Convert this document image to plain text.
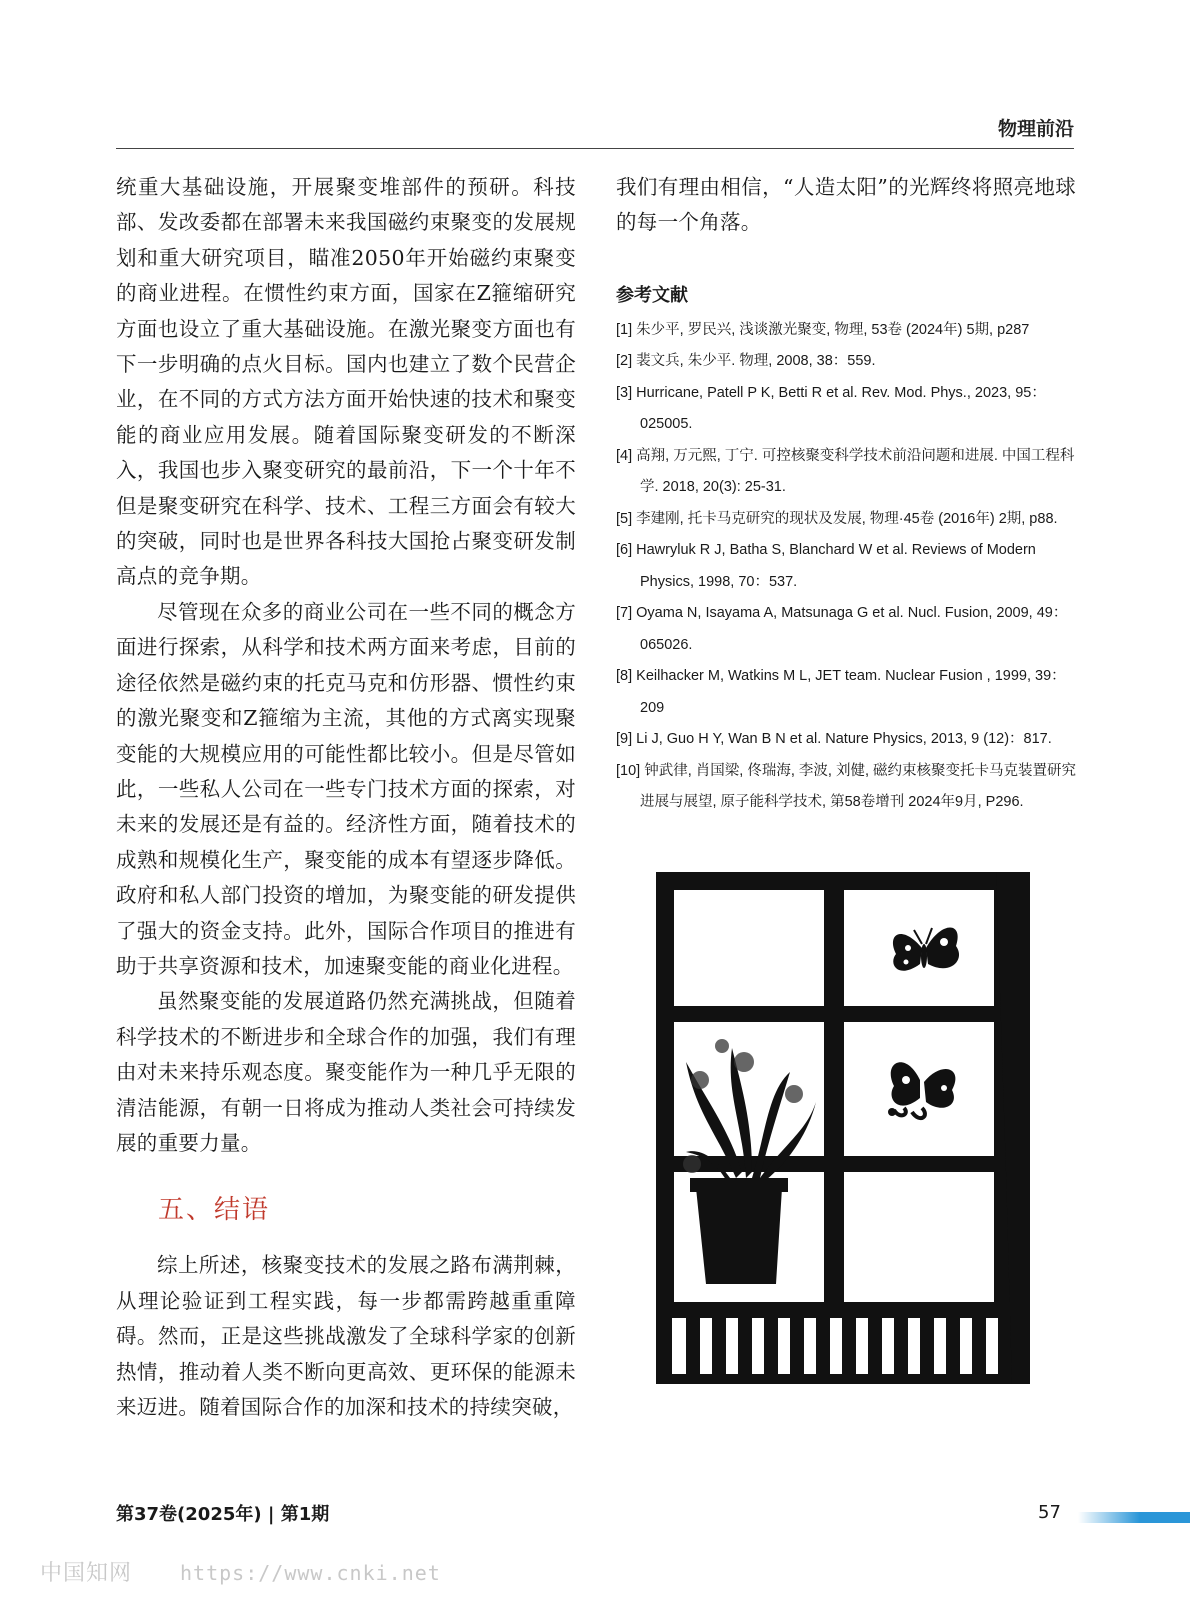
物理前沿

统重大基础设施，开展聚变堆部件的预研。科技部、发改委都在部署未来我国磁约束聚变的发展规划和重大研究项目，瞄准2050年开始磁约束聚变的商业进程。在惯性约束方面，国家在Z箍缩研究方面也设立了重大基础设施。在激光聚变方面也有下一步明确的点火目标。国内也建立了数个民营企业，在不同的方式方法方面开始快速的技术和聚变能的商业应用发展。随着国际聚变研发的不断深入，我国也步入聚变研究的最前沿，下一个十年不但是聚变研究在科学、技术、工程三方面会有较大的突破，同时也是世界各科技大国抢占聚变研发制高点的竞争期。

尽管现在众多的商业公司在一些不同的概念方面进行探索，从科学和技术两方面来考虑，目前的途径依然是磁约束的托克马克和仿形器、惯性约束的激光聚变和Z箍缩为主流，其他的方式离实现聚变能的大规模应用的可能性都比较小。但是尽管如此，一些私人公司在一些专门技术方面的探索，对未来的发展还是有益的。经济性方面，随着技术的成熟和规模化生产，聚变能的成本有望逐步降低。政府和私人部门投资的增加，为聚变能的研发提供了强大的资金支持。此外，国际合作项目的推进有助于共享资源和技术，加速聚变能的商业化进程。

虽然聚变能的发展道路仍然充满挑战，但随着科学技术的不断进步和全球合作的加强，我们有理由对未来持乐观态度。聚变能作为一种几乎无限的清洁能源，有朝一日将成为推动人类社会可持续发展的重要力量。

五、结语

综上所述，核聚变技术的发展之路布满荆棘，从理论验证到工程实践，每一步都需跨越重重障碍。然而，正是这些挑战激发了全球科学家的创新热情，推动着人类不断向更高效、更环保的能源未来迈进。随着国际合作的加深和技术的持续突破，

我们有理由相信，“人造太阳”的光辉终将照亮地球的每一个角落。

参考文献
[1] 朱少平, 罗民兴, 浅谈激光聚变, 物理, 53卷 (2024年) 5期, p287
[2] 裴文兵, 朱少平. 物理, 2008, 38：559.
[3] Hurricane, Patell P K, Betti R et al. Rev. Mod. Phys., 2023, 95：025005.
[4] 高翔, 万元熙, 丁宁. 可控核聚变科学技术前沿问题和进展. 中国工程科学. 2018, 20(3): 25-31.
[5] 李建刚, 托卡马克研究的现状及发展, 物理·45卷 (2016年) 2期, p88.
[6] Hawryluk R J, Batha S, Blanchard W et al. Reviews of Modern Physics, 1998, 70：537.
[7] Oyama N, Isayama A, Matsunaga G et al. Nucl. Fusion, 2009, 49：065026.
[8] Keilhacker M, Watkins M L, JET team. Nuclear Fusion , 1999, 39：209
[9] Li J, Guo H Y, Wan B N et al. Nature Physics, 2013, 9 (12)：817.
[10] 钟武律, 肖国梁, 佟瑞海, 李波, 刘健, 磁约束核聚变托卡马克装置研究进展与展望, 原子能科学技术, 第58卷增刊 2024年9月, P296.
第37卷(2025年) | 第1期	57
中国知网 https://www.cnki.net
